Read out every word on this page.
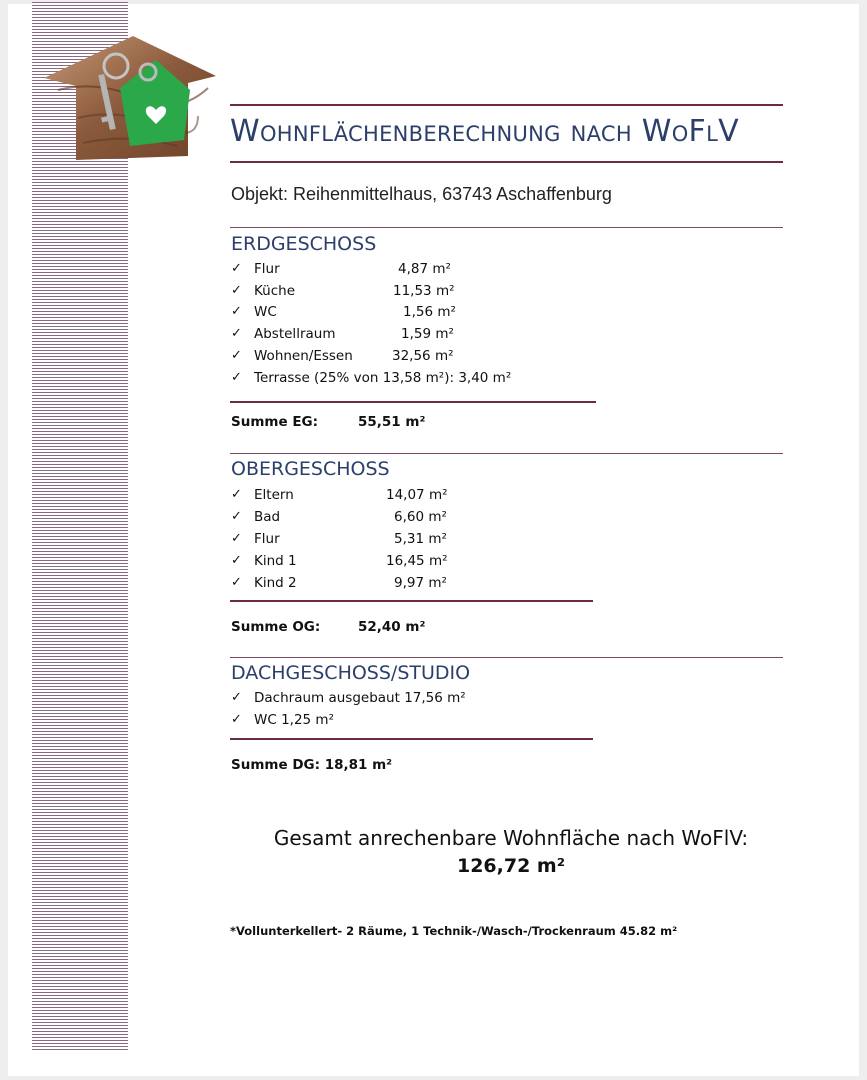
Wohnflächenberechnung nach WoFlV
Objekt: Reihenmittelhaus, 63743 Aschaffenburg
ERDGESCHOSS
✓ Flur	4,87 m²
✓ Küche	11,53 m²
✓ WC	1,56 m²
✓ Abstellraum	1,59 m²
✓ Wohnen/Essen	32,56 m²
✓ Terrasse (25% von 13,58 m²): 3,40 m²
Summe EG:	55,51 m²
OBERGESCHOSS
✓ Eltern	14,07 m²
✓ Bad	6,60 m²
✓ Flur	5,31 m²
✓ Kind 1	16,45 m²
✓ Kind 2	9,97 m²
Summe OG:	52,40 m²
DACHGESCHOSS/STUDIO
✓ Dachraum ausgebaut 17,56 m²
✓ WC 1,25 m²
Summe DG: 18,81 m²
Gesamt anrechenbare Wohnfläche nach WoFlV:
126,72 m²
*Vollunterkellert- 2 Räume, 1 Technik-/Wasch-/Trockenraum 45.82 m²
